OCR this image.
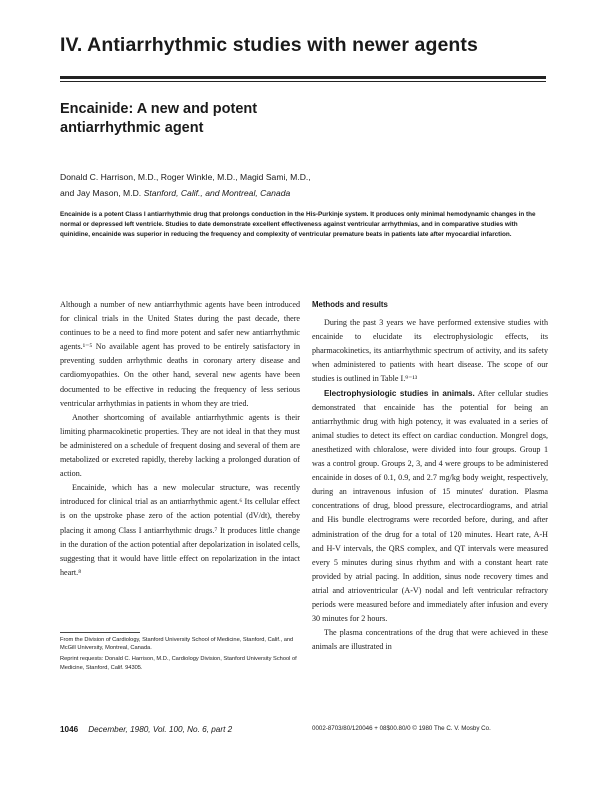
IV. Antiarrhythmic studies with newer agents
Encainide: A new and potent antiarrhythmic agent
Donald C. Harrison, M.D., Roger Winkle, M.D., Magid Sami, M.D.,
and Jay Mason, M.D. Stanford, Calif., and Montreal, Canada
Encainide is a potent Class I antiarrhythmic drug that prolongs conduction in the His-Purkinje system. It produces only minimal hemodynamic changes in the normal or depressed left ventricle. Studies to date demonstrate excellent effectiveness against ventricular arrhythmias, and in comparative studies with quinidine, encainide was superior in reducing the frequency and complexity of ventricular premature beats in patients late after myocardial infarction.

Although a number of new antiarrhythmic agents have been introduced for clinical trials in the United States during the past decade, there continues to be a need to find more potent and safer new antiarrhythmic agents.¹⁻⁵ No available agent has proved to be entirely satisfactory in preventing sudden arrhythmic deaths in coronary artery disease and cardiomyopathies. On the other hand, several new agents have been documented to be effective in reducing the frequency of less serious ventricular arrhythmias in patients in whom they are tried.

Another shortcoming of available antiarrhythmic agents is their limiting pharmacokinetic properties. They are not ideal in that they must be administered on a schedule of frequent dosing and several of them are metabolized or excreted rapidly, thereby lacking a prolonged duration of action.

Encainide, which has a new molecular structure, was recently introduced for clinical trial as an antiarrhythmic agent.⁶ Its cellular effect is on the upstroke phase zero of the action potential (dV/dt), thereby placing it among Class I antiarrhythmic drugs.⁷ It produces little change in the duration of the action potential after depolarization in isolated cells, suggesting that it would have little effect on repolarization in the intact heart.⁸

From the Division of Cardiology, Stanford University School of Medicine, Stanford, Calif., and McGill University, Montreal, Canada.

Reprint requests: Donald C. Harrison, M.D., Cardiology Division, Stanford University School of Medicine, Stanford, Calif. 94305.

Methods and results

During the past 3 years we have performed extensive studies with encainide to elucidate its electrophysiologic effects, its pharmacokinetics, its antiarrhythmic spectrum of activity, and its safety when administered to patients with heart disease. The scope of our studies is outlined in Table I.⁹⁻¹³

Electrophysiologic studies in animals. After cellular studies demonstrated that encainide has the potential for being an antiarrhythmic drug with high potency, it was evaluated in a series of animal studies to detect its effect on cardiac conduction. Mongrel dogs, anesthetized with chloralose, were divided into four groups. Group 1 was a control group. Groups 2, 3, and 4 were groups to be administered encainide in doses of 0.1, 0.9, and 2.7 mg/kg body weight, respectively, during an intravenous infusion of 15 minutes' duration. Plasma concentrations of drug, blood pressure, electrocardiograms, and atrial and His bundle electrograms were recorded before, during, and after administration of the drug for a total of 120 minutes. Heart rate, A-H and H-V intervals, the QRS complex, and QT intervals were measured every 5 minutes during sinus rhythm and with a constant heart rate provided by atrial pacing. In addition, sinus node recovery times and atrial and atrioventricular (A-V) nodal and left ventricular refractory periods were measured before and immediately after infusion and every 30 minutes for 2 hours.

The plasma concentrations of the drug that were achieved in these animals are illustrated in

1046 December, 1980, Vol. 100, No. 6, part 2	0002-8703/80/120046 + 08$00.80/0 © 1980 The C. V. Mosby Co.
